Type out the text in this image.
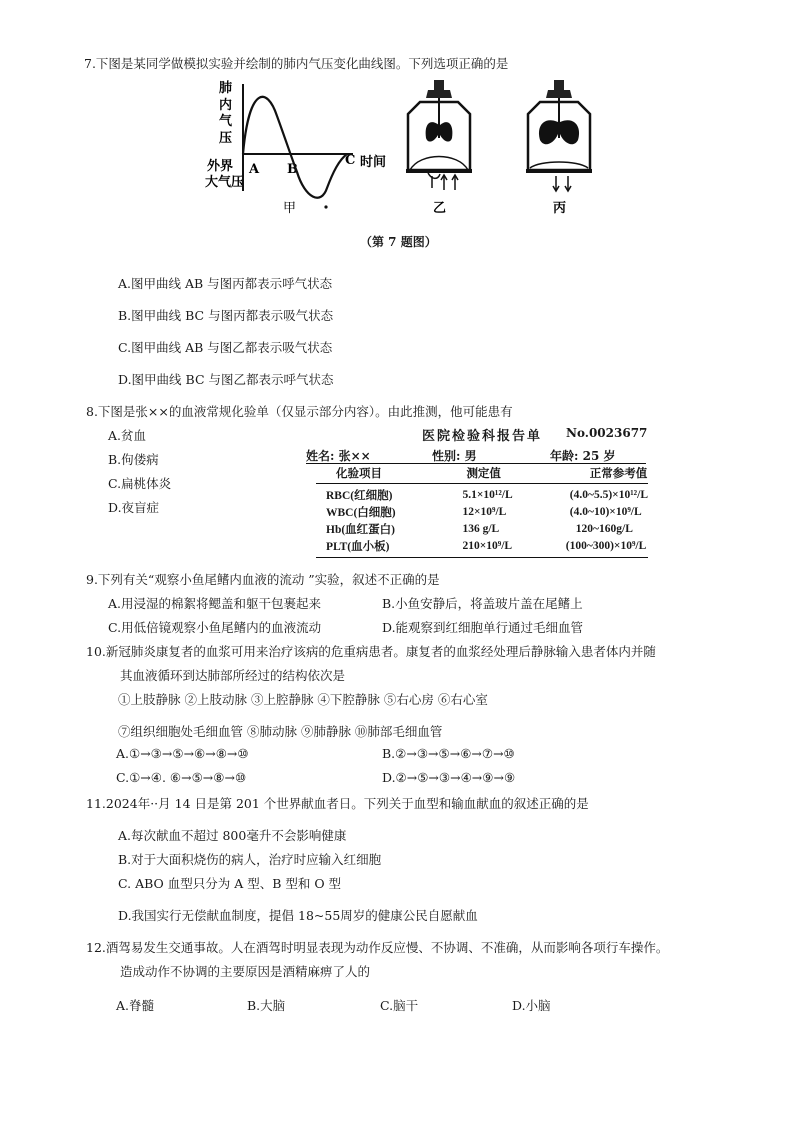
7.下图是某同学做模拟实验并绘制的肺内气压变化曲线图。下列选项正确的是
肺
内
气
压
外界
大气压
A B
C 时间
甲	乙	丙
（第 7 题图）
A.图甲曲线 AB 与图丙都表示呼气状态
B.图甲曲线 BC 与图丙都表示吸气状态
C.图甲曲线 AB 与图乙都表示吸气状态
D.图甲曲线 BC 与图乙都表示呼气状态
8.下图是张××的血液常规化验单（仅显示部分内容）。由此推测，他可能患有
A.贫血
B.佝偻病
C.扁桃体炎
D.夜盲症
医院检验科报告单 No.0023677
姓名: 张××	性别: 男	年龄: 25 岁
化验项目	测定值	正常参考值
RBC(红细胞)	5.1×10¹²/L	(4.0~5.5)×10¹²/L
WBC(白细胞)	12×10⁹/L	(4.0~10)×10⁹/L
Hb(血红蛋白)	136 g/L	120~160g/L
PLT(血小板)	210×10⁹/L	(100~300)×10⁹/L
9.下列有关“观察小鱼尾鳍内血液的流动 ”实验，叙述不正确的是
A.用浸湿的棉絮将鳃盖和躯干包裹起来	B.小鱼安静后，将盖玻片盖在尾鳍上
C.用低倍镜观察小鱼尾鳍内的血液流动	D.能观察到红细胞单行通过毛细血管
10.新冠肺炎康复者的血浆可用来治疗该病的危重病患者。康复者的血浆经处理后静脉输入患者体内并随
其血液循环到达肺部所经过的结构依次是
①上肢静脉 ②上肢动脉 ③上腔静脉 ④下腔静脉 ⑤右心房 ⑥右心室
⑦组织细胞处毛细血管 ⑧肺动脉 ⑨肺静脉 ⑩肺部毛细血管
A.①→③→⑤→⑥→⑧→⑩	B.②→③→⑤→⑥→⑦→⑩
C.①→④. ⑥→⑤→⑧→⑩	D.②→⑤→③→④→⑨→⑨
11.2024年··月 14 日是第 201 个世界献血者日。下列关于血型和输血献血的叙述正确的是
A.每次献血不超过 800毫升不会影响健康
B.对于大面积烧伤的病人，治疗时应输入红细胞
C. ABO 血型只分为 A 型、B 型和 O 型
D.我国实行无偿献血制度，提倡 18~55周岁的健康公民自愿献血
12.酒驾易发生交通事故。人在酒驾时明显表现为动作反应慢、不协调、不准确，从而影响各项行车操作。
造成动作不协调的主要原因是酒精麻痹了人的
A.脊髓	B.大脑	C.脑干	D.小脑
